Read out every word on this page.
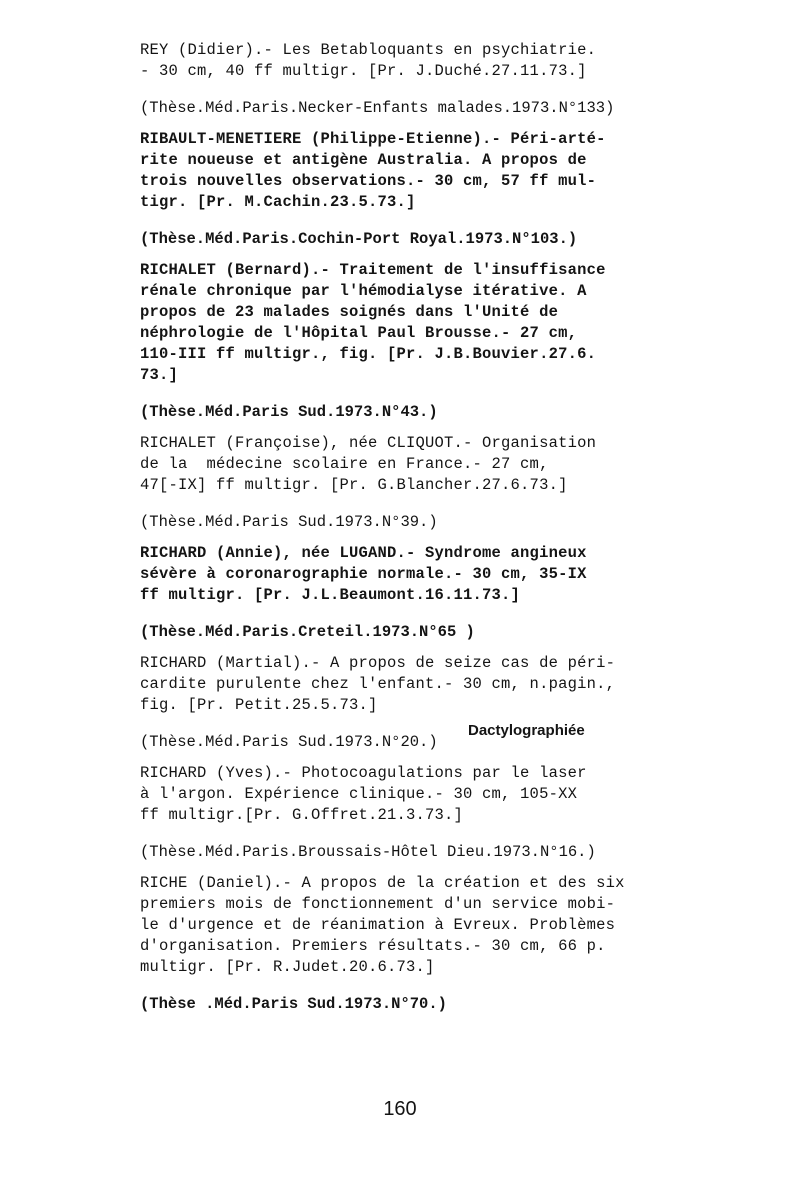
REY (Didier).- Les Betabloquants en psychiatrie.
- 30 cm, 40 ff multigr. [Pr. J.Duché.27.11.73.]
(Thèse.Méd.Paris.Necker-Enfants malades.1973.N°133)
RIBAULT-MENETIERE (Philippe-Etienne).- Péri-arté-
rite noueuse et antigène Australia. A propos de
trois nouvelles observations.- 30 cm, 57 ff mul-
tigr. [Pr. M.Cachin.23.5.73.]
(Thèse.Méd.Paris.Cochin-Port Royal.1973.N°103.)
RICHALET (Bernard).- Traitement de l'insuffisance
rénale chronique par l'hémodialyse itérative. A
propos de 23 malades soignés dans l'Unité de
néphrologie de l'Hôpital Paul Brousse.- 27 cm,
110-III ff multigr., fig. [Pr. J.B.Bouvier.27.6.
73.]
(Thèse.Méd.Paris Sud.1973.N°43.)
RICHALET (Françoise), née CLIQUOT.- Organisation
de la  médecine scolaire en France.- 27 cm,
47[-IX] ff multigr. [Pr. G.Blancher.27.6.73.]
(Thèse.Méd.Paris Sud.1973.N°39.)
RICHARD (Annie), née LUGAND.- Syndrome angineux
sévère à coronarographie normale.- 30 cm, 35-IX
ff multigr. [Pr. J.L.Beaumont.16.11.73.]
(Thèse.Méd.Paris.Creteil.1973.N°65 )
RICHARD (Martial).- A propos de seize cas de péri-
cardite purulente chez l'enfant.- 30 cm, n.pagin.,
fig. [Pr. Petit.25.5.73.]
(Thèse.Méd.Paris Sud.1973.N°20.)
RICHARD (Yves).- Photocoagulations par le laser
à l'argon. Expérience clinique.- 30 cm, 105-XX
ff multigr.[Pr. G.Offret.21.3.73.]
(Thèse.Méd.Paris.Broussais-Hôtel Dieu.1973.N°16.)
RICHE (Daniel).- A propos de la création et des six
premiers mois de fonctionnement d'un service mobi-
le d'urgence et de réanimation à Evreux. Problèmes
d'organisation. Premiers résultats.- 30 cm, 66 p.
multigr. [Pr. R.Judet.20.6.73.]
(Thèse .Méd.Paris Sud.1973.N°70.)
Dactylographiée
160
